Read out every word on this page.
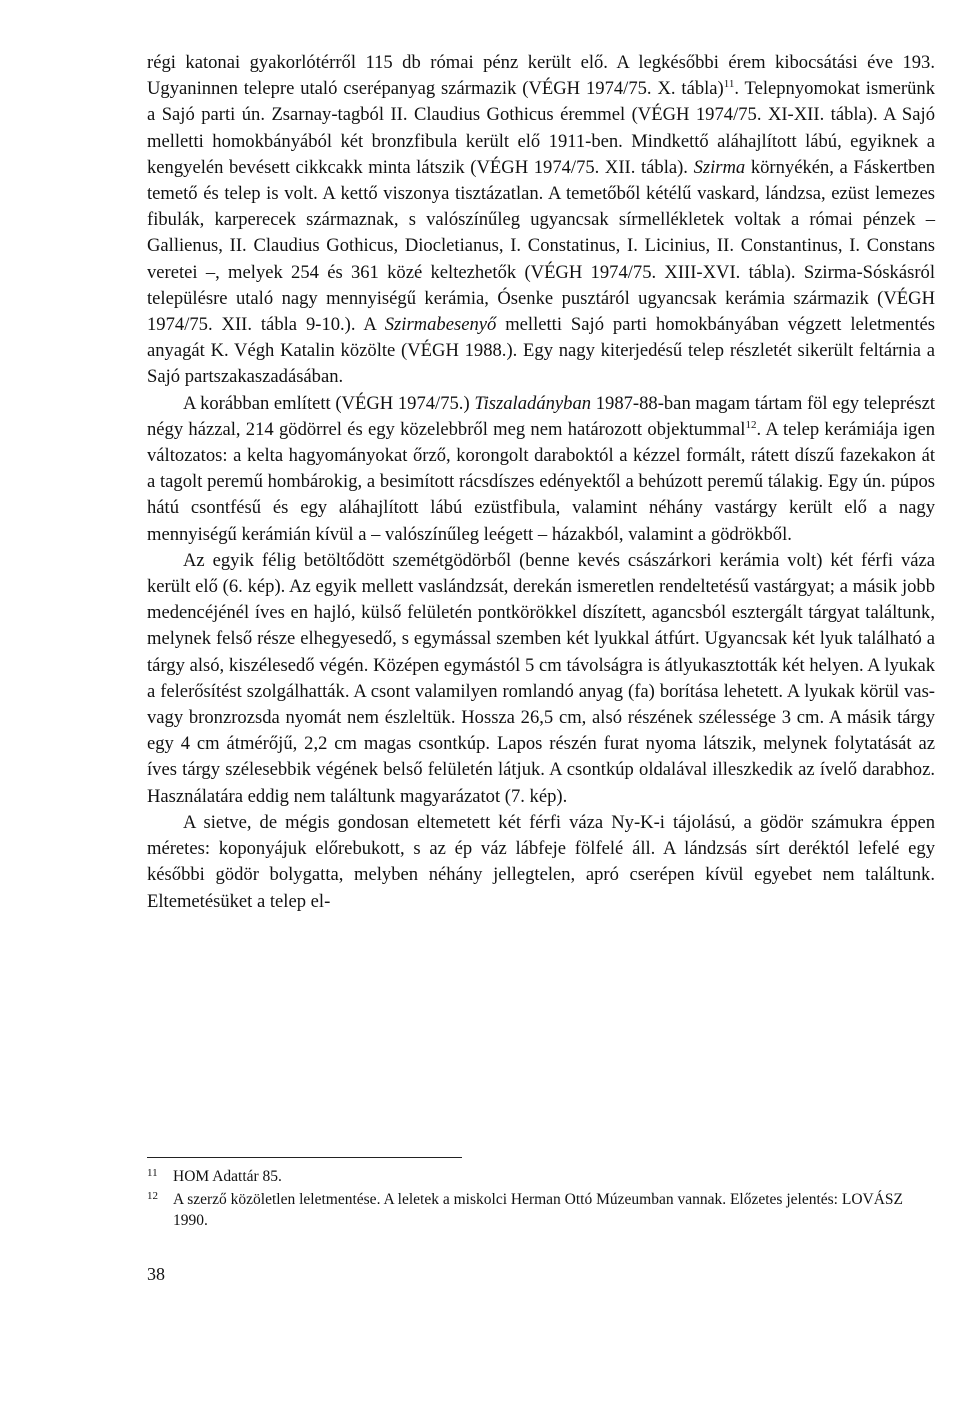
régi katonai gyakorlótérről 115 db római pénz került elő. A legkésőbbi érem kibocsátási éve 193. Ugyaninnen telepre utaló cserépanyag származik (VÉGH 1974/75. X. tábla)$^{11}$. Telepnyomokat ismerünk a Sajó parti ún. Zsarnay-tagból II. Claudius Gothicus éremmel (VÉGH 1974/75. XI-XII. tábla). A Sajó melletti homokbányából két bronzfibula került elő 1911-ben. Mindkettő aláhajlított lábú, egyiknek a kengyelén bevésett cikkcakk minta látszik (VÉGH 1974/75. XII. tábla). Szirma környékén, a Fáskertben temető és telep is volt. A kettő viszonya tisztázatlan. A temetőből kétélű vaskard, lándzsa, ezüst lemezes fibulák, karperecek származnak, s valószínűleg ugyancsak sírmellékletek voltak a római pénzek – Gallienus, II. Claudius Gothicus, Diocletianus, I. Constatinus, I. Licinius, II. Constantinus, I. Constans veretei –, melyek 254 és 361 közé keltezhetők (VÉGH 1974/75. XIII-XVI. tábla). Szirma-Sóskásról településre utaló nagy mennyiségű kerámia, Ósenke pusztáról ugyancsak kerámia származik (VÉGH 1974/75. XII. tábla 9-10.). A Szirmabesenyő melletti Sajó parti homokbányában végzett leletmentés anyagát K. Végh Katalin közölte (VÉGH 1988.). Egy nagy kiterjedésű telep részletét sikerült feltárnia a Sajó partszakaszadásában.

A korábban említett (VÉGH 1974/75.) Tiszaladányban 1987-88-ban magam tártam föl egy teleprészt négy házzal, 214 gödörrel és egy közelebbről meg nem határozott objektummal$^{12}$. A telep kerámiája igen változatos: a kelta hagyományokat őrző, korongolt daraboktól a kézzel formált, rátett díszű fazekakon át a tagolt peremű hombárokig, a besimított rácsdíszes edényektől a behúzott peremű tálakig. Egy ún. púpos hátú csontfésű és egy aláhajlított lábú ezüstfibula, valamint néhány vastárgy került elő a nagy mennyiségű kerámián kívül a – valószínűleg leégett – házakból, valamint a gödrökből.

Az egyik félig betöltődött szemétgödörből (benne kevés császárkori kerámia volt) két férfi váza került elő (6. kép). Az egyik mellett vaslándzsát, derekán ismeretlen rendeltetésű vastárgyat; a másik jobb medencéjénél íves en hajló, külső felületén pontkörökkel díszített, agancsból esztergált tárgyat találtunk, melynek felső része elhegyesedő, s egymással szemben két lyukkal átfúrt. Ugyancsak két lyuk található a tárgy alsó, kiszélesedő végén. Középen egymástól 5 cm távolságra is átlyukasztották két helyen. A lyukak a felerősítést szolgálhatták. A csont valamilyen romlandó anyag (fa) borítása lehetett. A lyukak körül vas- vagy bronzrozsda nyomát nem észleltük. Hossza 26,5 cm, alsó részének szélessége 3 cm. A másik tárgy egy 4 cm átmérőjű, 2,2 cm magas csontkúp. Lapos részén furat nyoma látszik, melynek folytatását az íves tárgy szélesebbik végének belső felületén látjuk. A csontkúp oldalával illeszkedik az ívelő darabhoz. Használatára eddig nem találtunk magyarázatot (7. kép).

A sietve, de mégis gondosan eltemetett két férfi váza Ny-K-i tájolású, a gödör számukra éppen méretes: koponyájuk előrebukott, s az ép váz lábfeje fölfelé áll. A lándzsás sírt deréktól lefelé egy későbbi gödör bolygatta, melyben néhány jellegtelen, apró cserépen kívül egyebet nem találtunk. Eltemetésüket a telep el-

11 HOM Adattár 85.
12 A szerző közöletlen leletmentése. A leletek a miskolci Herman Ottó Múzeumban vannak. Előzetes jelentés: LOVÁSZ 1990.
38
